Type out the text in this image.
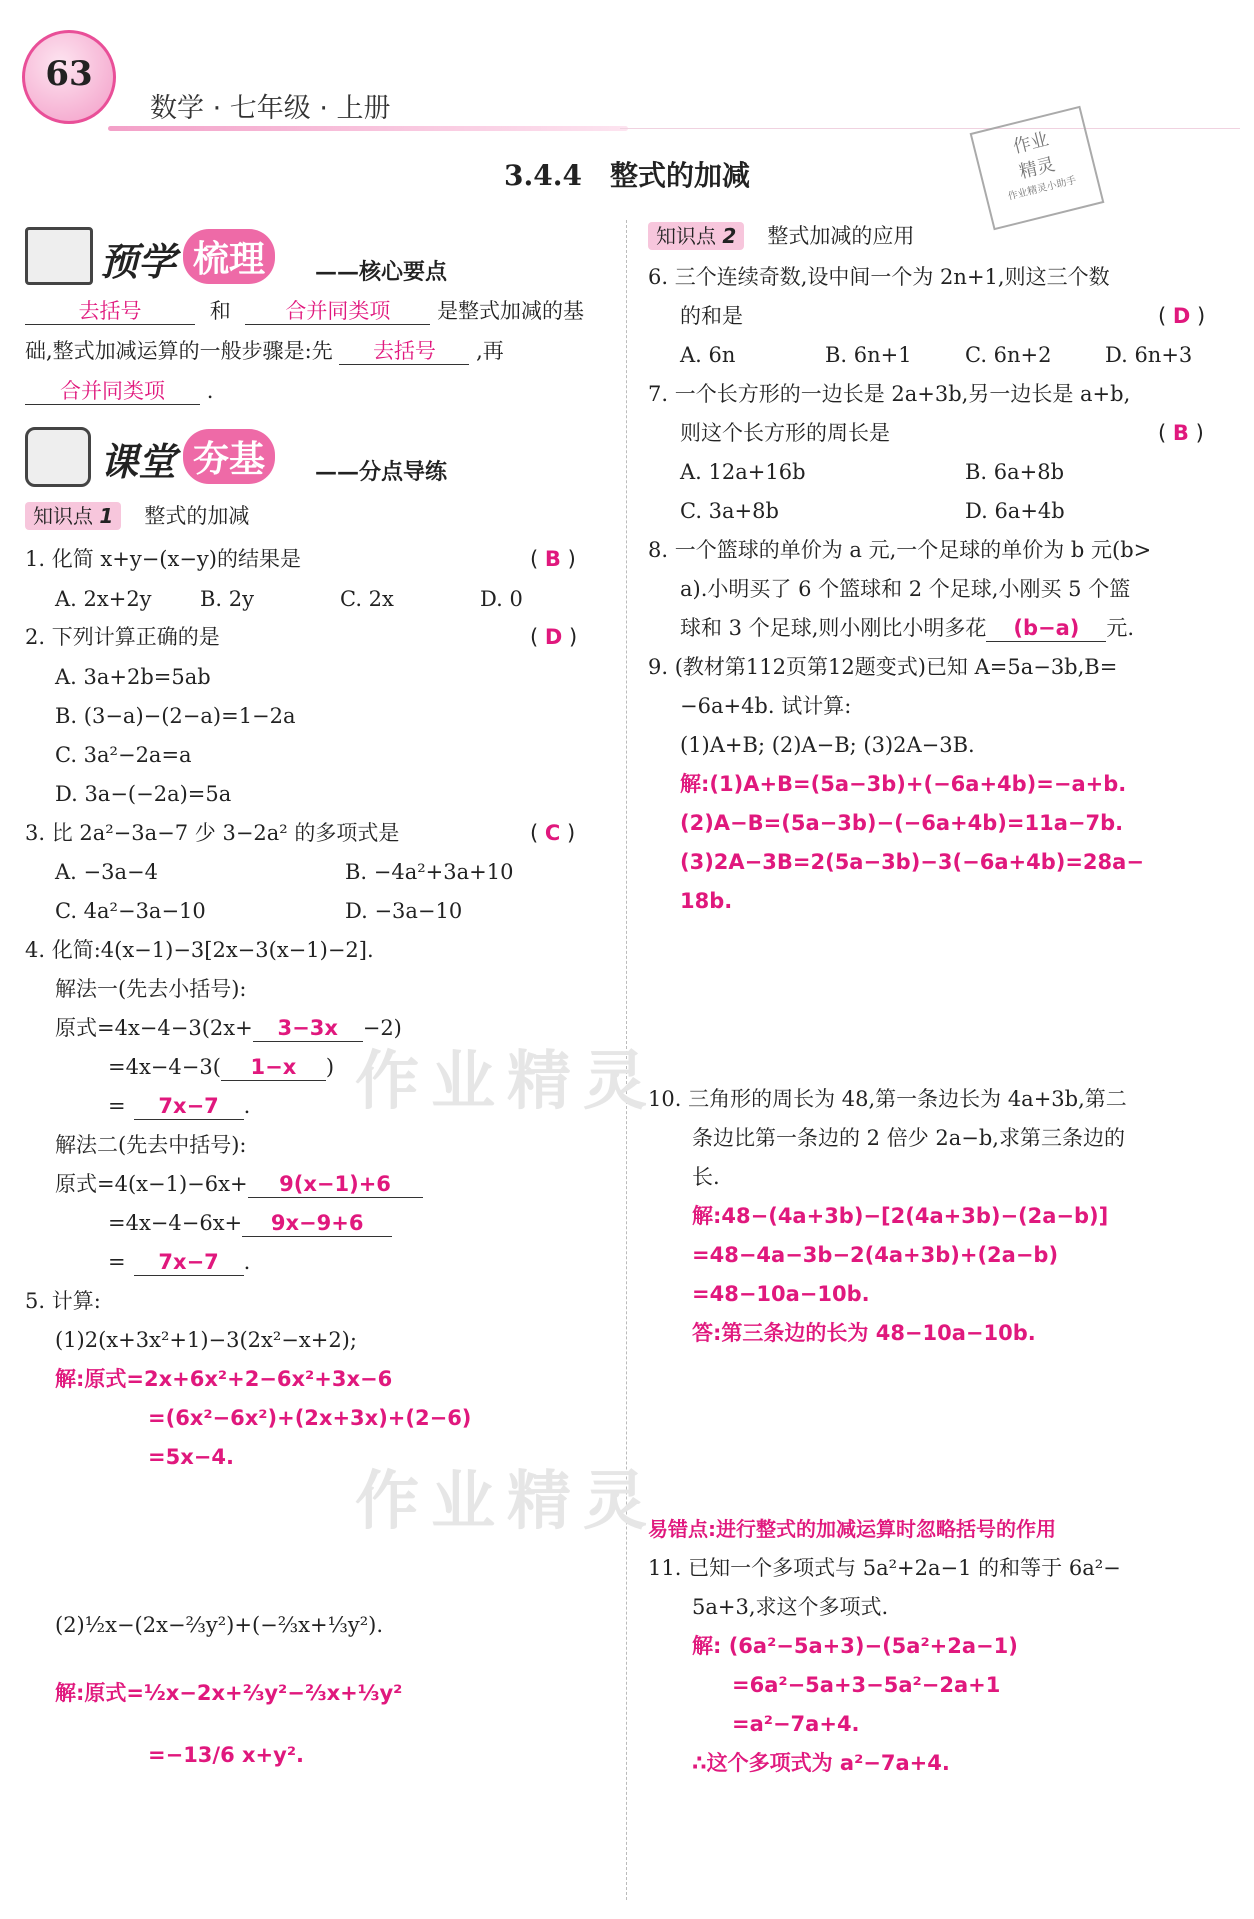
63
数学 · 七年级 · 上册
作业
精灵
作业精灵小助手
3.4.4　整式的加减
作业精灵
作业精灵
预学 梳理	——核心要点
去括号	和	合并同类项 是整式加减的基
础,整式加减运算的一般步骤是:先 去括号 ,再
合并同类项 .
课堂 夯基	——分点导练
知识点 1 整式的加减
1. 化简 x+y−(x−y)的结果是	( B )
A. 2x+2y B. 2y	C. 2x	D. 0
2. 下列计算正确的是	( D )
A. 3a+2b=5ab
B. (3−a)−(2−a)=1−2a
C. 3a²−2a=a
D. 3a−(−2a)=5a
3. 比 2a²−3a−7 少 3−2a² 的多项式是	( C )
A. −3a−4	B. −4a²+3a+10
C. 4a²−3a−10	D. −3a−10
4. 化简:4(x−1)−3[2x−3(x−1)−2].
解法一(先去小括号):
原式=4x−4−3(2x+ 3−3x −2)
=4x−4−3( 1−x )
= 7x−7 .
解法二(先去中括号):
原式=4(x−1)−6x+ 9(x−1)+6
=4x−4−6x+ 9x−9+6
= 7x−7 .
5. 计算:
(1)2(x+3x²+1)−3(2x²−x+2);
解:原式=2x+6x²+2−6x²+3x−6
=(6x²−6x²)+(2x+3x)+(2−6)
=5x−4.
(2)½x−(2x−⅔y²)+(−⅔x+⅓y²).
解:原式=½x−2x+⅔y²−⅔x+⅓y²
=−13/6 x+y².
知识点 2 整式加减的应用
6. 三个连续奇数,设中间一个为 2n+1,则这三个数
的和是	( D )
A. 6n	B. 6n+1	C. 6n+2	D. 6n+3
7. 一个长方形的一边长是 2a+3b,另一边长是 a+b,
则这个长方形的周长是	( B )
A. 12a+16b	B. 6a+8b
C. 3a+8b	D. 6a+4b
8. 一个篮球的单价为 a 元,一个足球的单价为 b 元(b>
a).小明买了 6 个篮球和 2 个足球,小刚买 5 个篮
球和 3 个足球,则小刚比小明多花 (b−a) 元.
9. (教材第112页第12题变式)已知 A=5a−3b,B=
−6a+4b. 试计算:
(1)A+B; (2)A−B; (3)2A−3B.
解:(1)A+B=(5a−3b)+(−6a+4b)=−a+b.
(2)A−B=(5a−3b)−(−6a+4b)=11a−7b.
(3)2A−3B=2(5a−3b)−3(−6a+4b)=28a−
18b.
10. 三角形的周长为 48,第一条边长为 4a+3b,第二
条边比第一条边的 2 倍少 2a−b,求第三条边的
长.
解:48−(4a+3b)−[2(4a+3b)−(2a−b)]
=48−4a−3b−2(4a+3b)+(2a−b)
=48−10a−10b.
答:第三条边的长为 48−10a−10b.
易错点:进行整式的加减运算时忽略括号的作用
11. 已知一个多项式与 5a²+2a−1 的和等于 6a²−
5a+3,求这个多项式.
解: (6a²−5a+3)−(5a²+2a−1)
=6a²−5a+3−5a²−2a+1
=a²−7a+4.
∴这个多项式为 a²−7a+4.
